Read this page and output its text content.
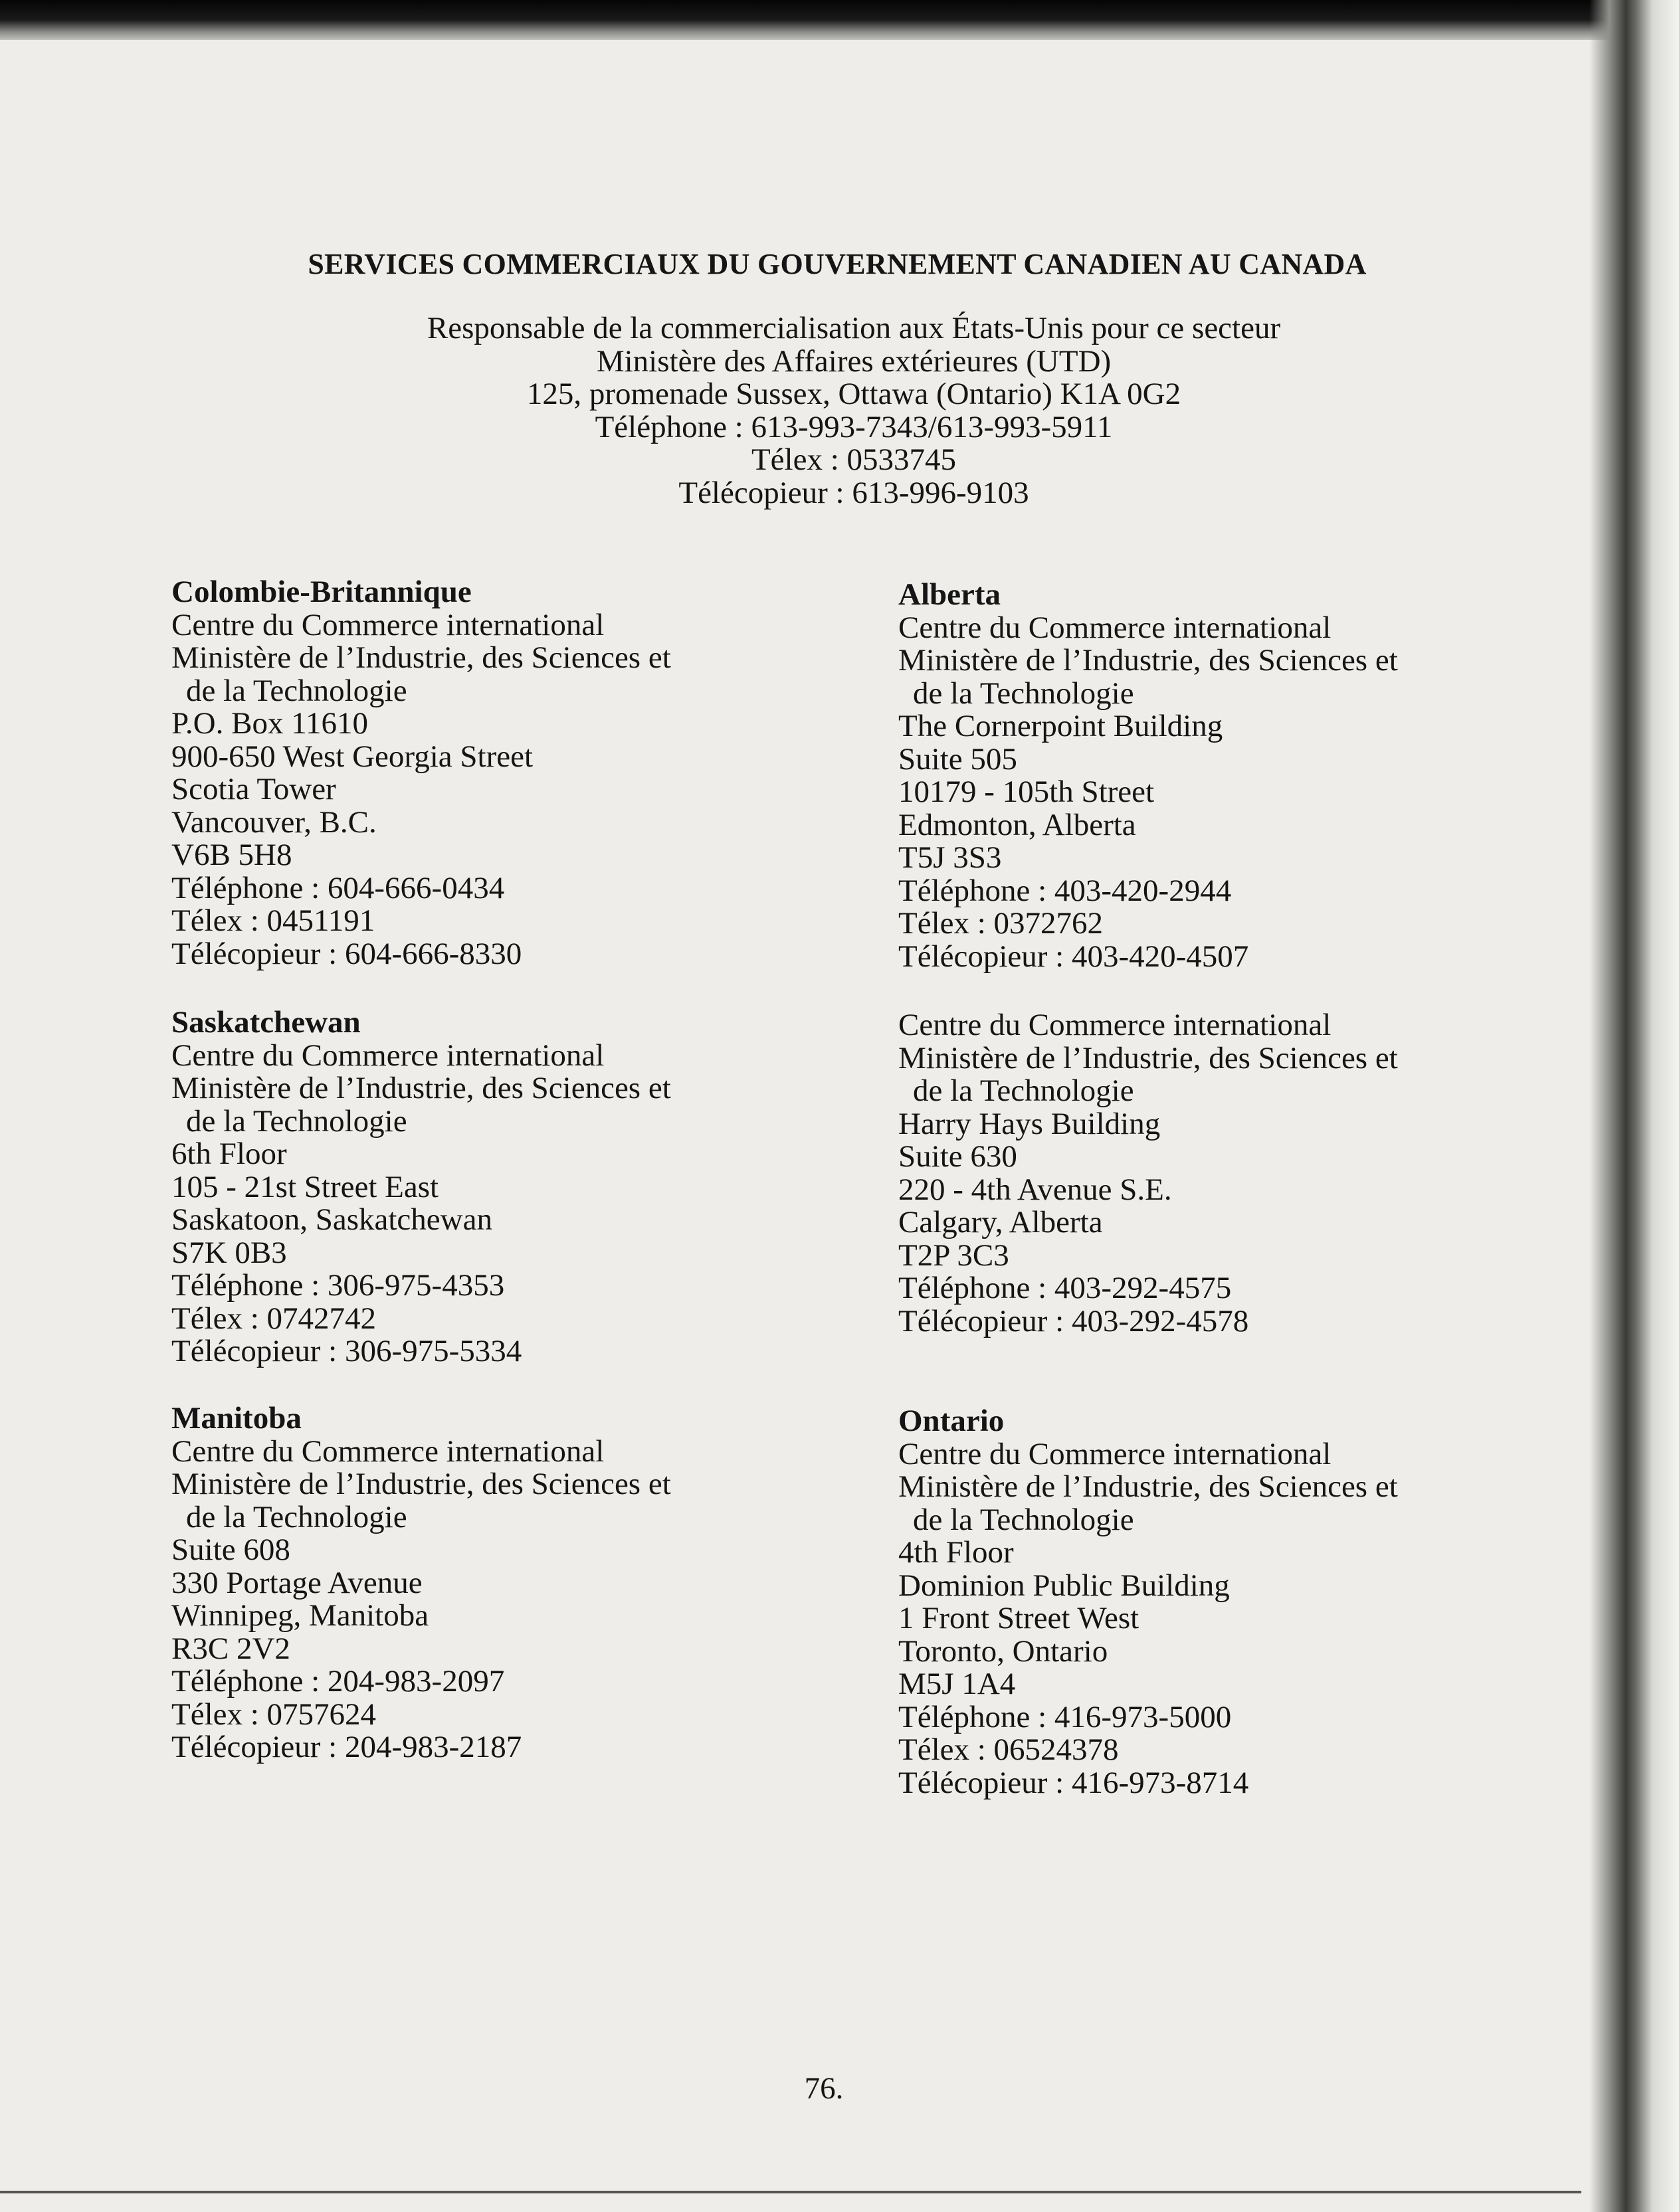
SERVICES COMMERCIAUX DU GOUVERNEMENT CANADIEN AU CANADA
Responsable de la commercialisation aux États-Unis pour ce secteur
Ministère des Affaires extérieures (UTD)
125, promenade Sussex, Ottawa (Ontario) K1A 0G2
Téléphone : 613-993-7343/613-993-5911
Télex : 0533745
Télécopieur : 613-996-9103
Colombie-Britannique
Centre du Commerce international
Ministère de l’Industrie, des Sciences et
de la Technologie
P.O. Box 11610
900-650 West Georgia Street
Scotia Tower
Vancouver, B.C.
V6B 5H8
Téléphone : 604-666-0434
Télex : 0451191
Télécopieur : 604-666-8330
Saskatchewan
Centre du Commerce international
Ministère de l’Industrie, des Sciences et
de la Technologie
6th Floor
105 - 21st Street East
Saskatoon, Saskatchewan
S7K 0B3
Téléphone : 306-975-4353
Télex : 0742742
Télécopieur : 306-975-5334
Manitoba
Centre du Commerce international
Ministère de l’Industrie, des Sciences et
de la Technologie
Suite 608
330 Portage Avenue
Winnipeg, Manitoba
R3C 2V2
Téléphone : 204-983-2097
Télex : 0757624
Télécopieur : 204-983-2187
Alberta
Centre du Commerce international
Ministère de l’Industrie, des Sciences et
de la Technologie
The Cornerpoint Building
Suite 505
10179 - 105th Street
Edmonton, Alberta
T5J 3S3
Téléphone : 403-420-2944
Télex : 0372762
Télécopieur : 403-420-4507
Centre du Commerce international
Ministère de l’Industrie, des Sciences et
de la Technologie
Harry Hays Building
Suite 630
220 - 4th Avenue S.E.
Calgary, Alberta
T2P 3C3
Téléphone : 403-292-4575
Télécopieur : 403-292-4578
Ontario
Centre du Commerce international
Ministère de l’Industrie, des Sciences et
de la Technologie
4th Floor
Dominion Public Building
1 Front Street West
Toronto, Ontario
M5J 1A4
Téléphone : 416-973-5000
Télex : 06524378
Télécopieur : 416-973-8714
76.
